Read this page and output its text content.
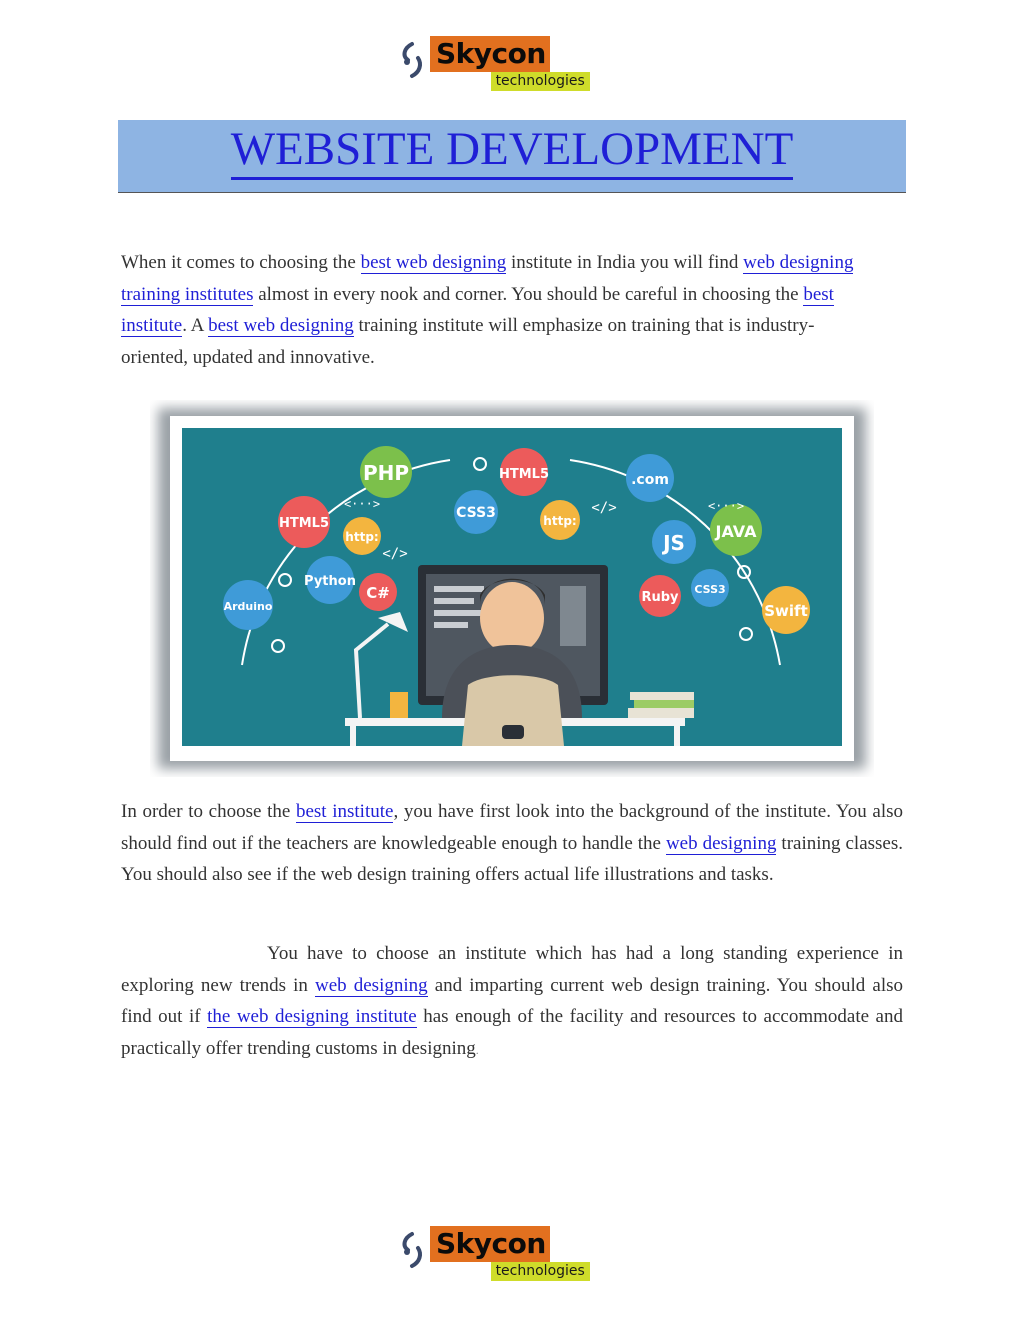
Skycon
technologies
WEBSITE DEVELOPMENT

When it comes to choosing the best web designing institute in India you will find web designing training institutes almost in every nook and corner. You should be careful in choosing the best institute. A best web designing training institute will emphasize on training that is industry-oriented, updated and innovative.

PHP	HTML5	.com
HTML5
CSS3
http:	JS JAVA
http:
Python
C#	Ruby
CSS3
Swift
Arduino
<···>
</>
</>	<···>

In order to choose the best institute, you have first look into the background of the institute. You also should find out if the teachers are knowledgeable enough to handle the web designing training classes. You should also see if the web design training offers actual life illustrations and tasks.

You have to choose an institute which has had a long standing experience in exploring new trends in web designing and imparting current web design training. You should also find out if the web designing institute has enough of the facility and resources to accommodate and practically offer trending customs in designing.

Skycon
technologies
